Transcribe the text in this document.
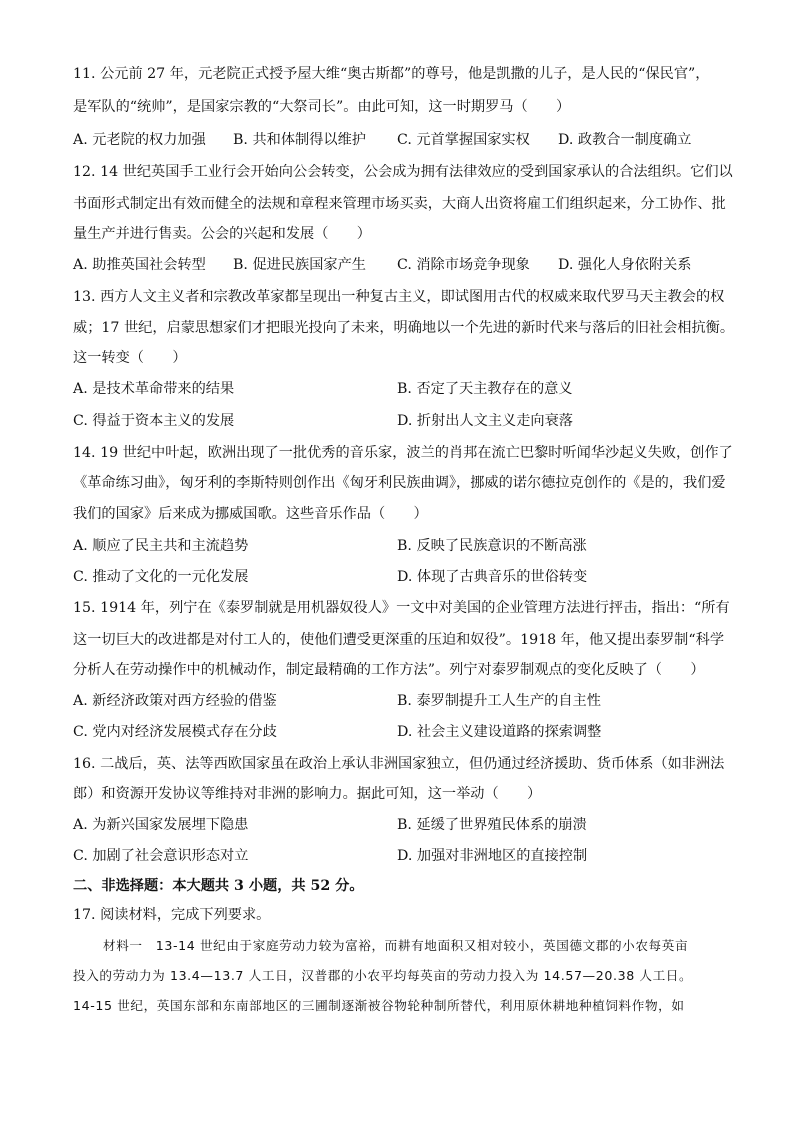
11. 公元前 27 年，元老院正式授予屋大维“奥古斯都”的尊号，他是凯撒的儿子，是人民的“保民官”，
是军队的“统帅”，是国家宗教的“大祭司长”。由此可知，这一时期罗马（　　）
A. 元老院的权力加强 B. 共和体制得以维护 C. 元首掌握国家实权 D. 政教合一制度确立
12. 14 世纪英国手工业行会开始向公会转变，公会成为拥有法律效应的受到国家承认的合法组织。它们以
书面形式制定出有效而健全的法规和章程来管理市场买卖，大商人出资将雇工们组织起来，分工协作、批
量生产并进行售卖。公会的兴起和发展（　　）
A. 助推英国社会转型 B. 促进民族国家产生 C. 消除市场竞争现象 D. 强化人身依附关系
13. 西方人文主义者和宗教改革家都呈现出一种复古主义，即试图用古代的权威来取代罗马天主教会的权
威；17 世纪，启蒙思想家们才把眼光投向了未来，明确地以一个先进的新时代来与落后的旧社会相抗衡。
这一转变（　　）
A. 是技术革命带来的结果	B. 否定了天主教存在的意义
C. 得益于资本主义的发展	D. 折射出人文主义走向衰落
14. 19 世纪中叶起，欧洲出现了一批优秀的音乐家，波兰的肖邦在流亡巴黎时听闻华沙起义失败，创作了
《革命练习曲》，匈牙利的李斯特则创作出《匈牙利民族曲调》，挪威的诺尔德拉克创作的《是的，我们爱
我们的国家》后来成为挪威国歌。这些音乐作品（　　）
A. 顺应了民主共和主流趋势	B. 反映了民族意识的不断高涨
C. 推动了文化的一元化发展	D. 体现了古典音乐的世俗转变
15. 1914 年，列宁在《泰罗制就是用机器奴役人》一文中对美国的企业管理方法进行抨击，指出：“所有
这一切巨大的改进都是对付工人的，使他们遭受更深重的压迫和奴役”。1918 年，他又提出泰罗制“科学
分析人在劳动操作中的机械动作，制定最精确的工作方法”。列宁对泰罗制观点的变化反映了（　　）
A. 新经济政策对西方经验的借鉴	B. 泰罗制提升工人生产的自主性
C. 党内对经济发展模式存在分歧	D. 社会主义建设道路的探索调整
16. 二战后，英、法等西欧国家虽在政治上承认非洲国家独立，但仍通过经济援助、货币体系（如非洲法
郎）和资源开发协议等维持对非洲的影响力。据此可知，这一举动（　　）
A. 为新兴国家发展埋下隐患	B. 延缓了世界殖民体系的崩溃
C. 加剧了社会意识形态对立	D. 加强对非洲地区的直接控制
二、非选择题：本大题共 3 小题，共 52 分。
17. 阅读材料，完成下列要求。
材料一　13-14 世纪由于家庭劳动力较为富裕，而耕有地面积又相对较小，英国德文郡的小农每英亩
投入的劳动力为 13.4—13.7 人工日，汉普郡的小农平均每英亩的劳动力投入为 14.57—20.38 人工日。
14-15 世纪，英国东部和东南部地区的三圃制逐渐被谷物轮种制所替代，利用原休耕地种植饲料作物，如
